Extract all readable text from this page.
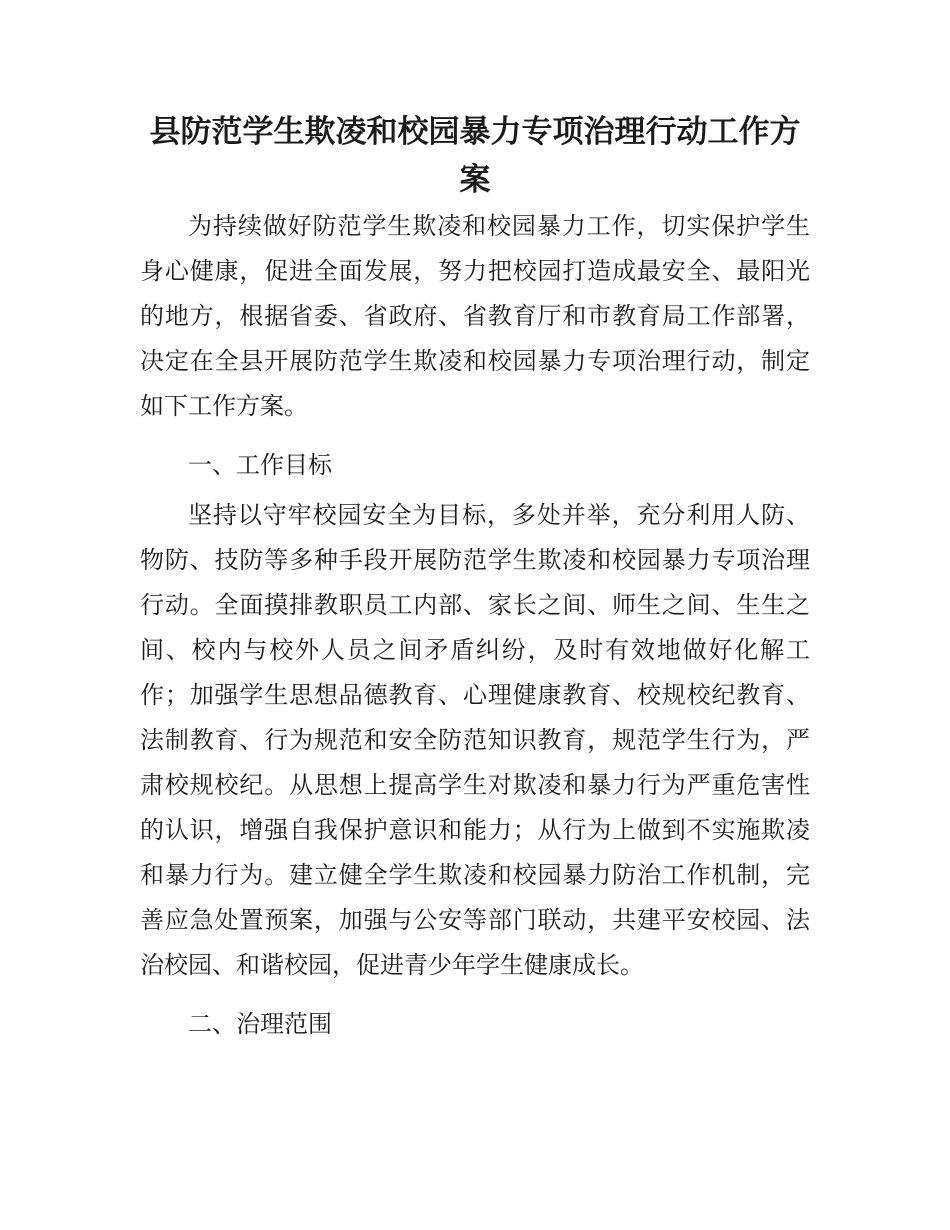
县防范学生欺凌和校园暴力专项治理行动工作方案

为持续做好防范学生欺凌和校园暴力工作，切实保护学生身心健康，促进全面发展，努力把校园打造成最安全、最阳光的地方，根据省委、省政府、省教育厅和市教育局工作部署，决定在全县开展防范学生欺凌和校园暴力专项治理行动，制定如下工作方案。

一、工作目标

坚持以守牢校园安全为目标，多处并举，充分利用人防、物防、技防等多种手段开展防范学生欺凌和校园暴力专项治理行动。全面摸排教职员工内部、家长之间、师生之间、生生之间、校内与校外人员之间矛盾纠纷，及时有效地做好化解工作；加强学生思想品德教育、心理健康教育、校规校纪教育、法制教育、行为规范和安全防范知识教育，规范学生行为，严肃校规校纪。从思想上提高学生对欺凌和暴力行为严重危害性的认识，增强自我保护意识和能力；从行为上做到不实施欺凌和暴力行为。建立健全学生欺凌和校园暴力防治工作机制，完善应急处置预案，加强与公安等部门联动，共建平安校园、法治校园、和谐校园，促进青少年学生健康成长。

二、治理范围
